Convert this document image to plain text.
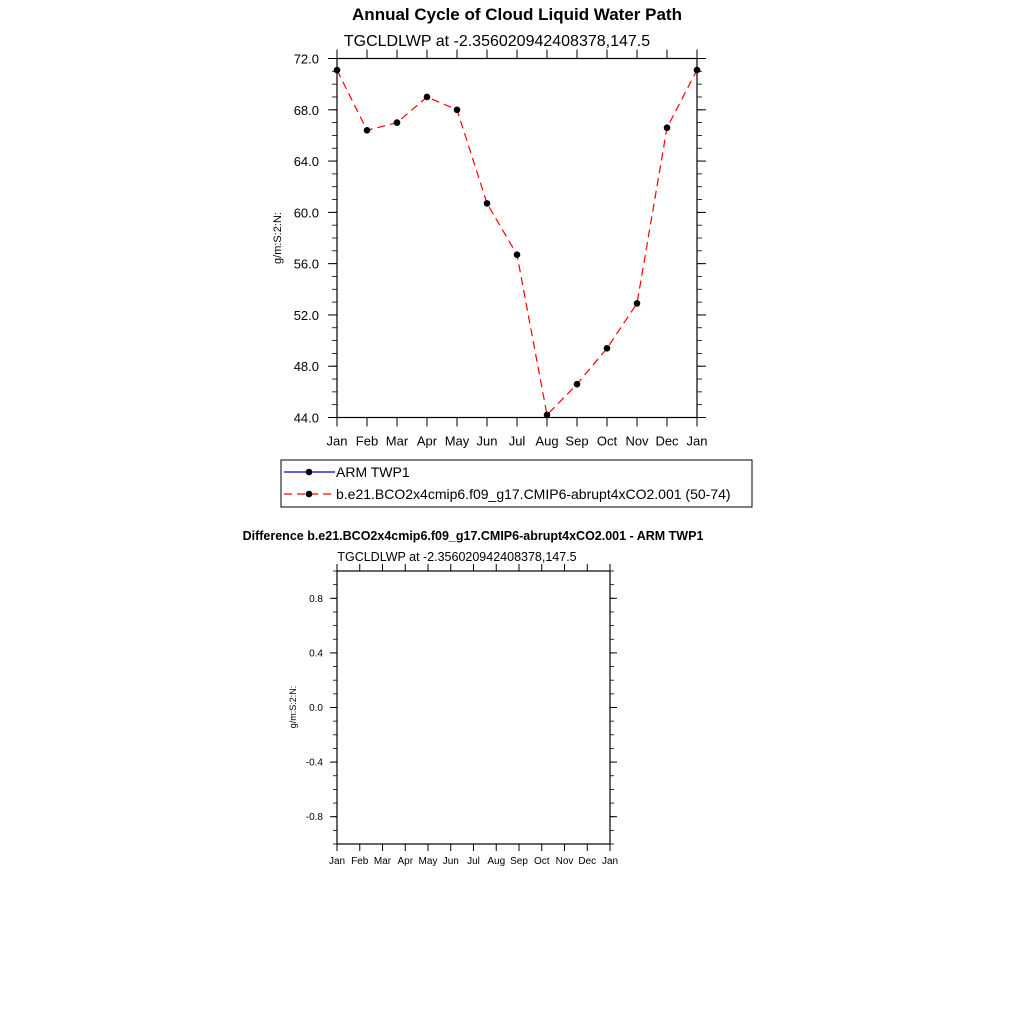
Annual Cycle of Cloud Liquid Water Path
TGCLDLWP at -2.356020942408378,147.5
g/m:S:2:N:
44.0
48.0
52.0
56.0
60.0
64.0
68.0
72.0
Jan Feb Mar Apr May Jun Jul Aug Sep Oct Nov Dec Jan
ARM TWP1
b.e21.BCO2x4cmip6.f09_g17.CMIP6-abrupt4xCO2.001 (50-74)
Difference b.e21.BCO2x4cmip6.f09_g17.CMIP6-abrupt4xCO2.001 - ARM TWP1
TGCLDLWP at -2.356020942408378,147.5
g/m:S:2:N:
-0.8
-0.4
0.0
0.4
0.8
Jan Feb Mar Apr May Jun Jul Aug Sep Oct Nov Dec Jan
